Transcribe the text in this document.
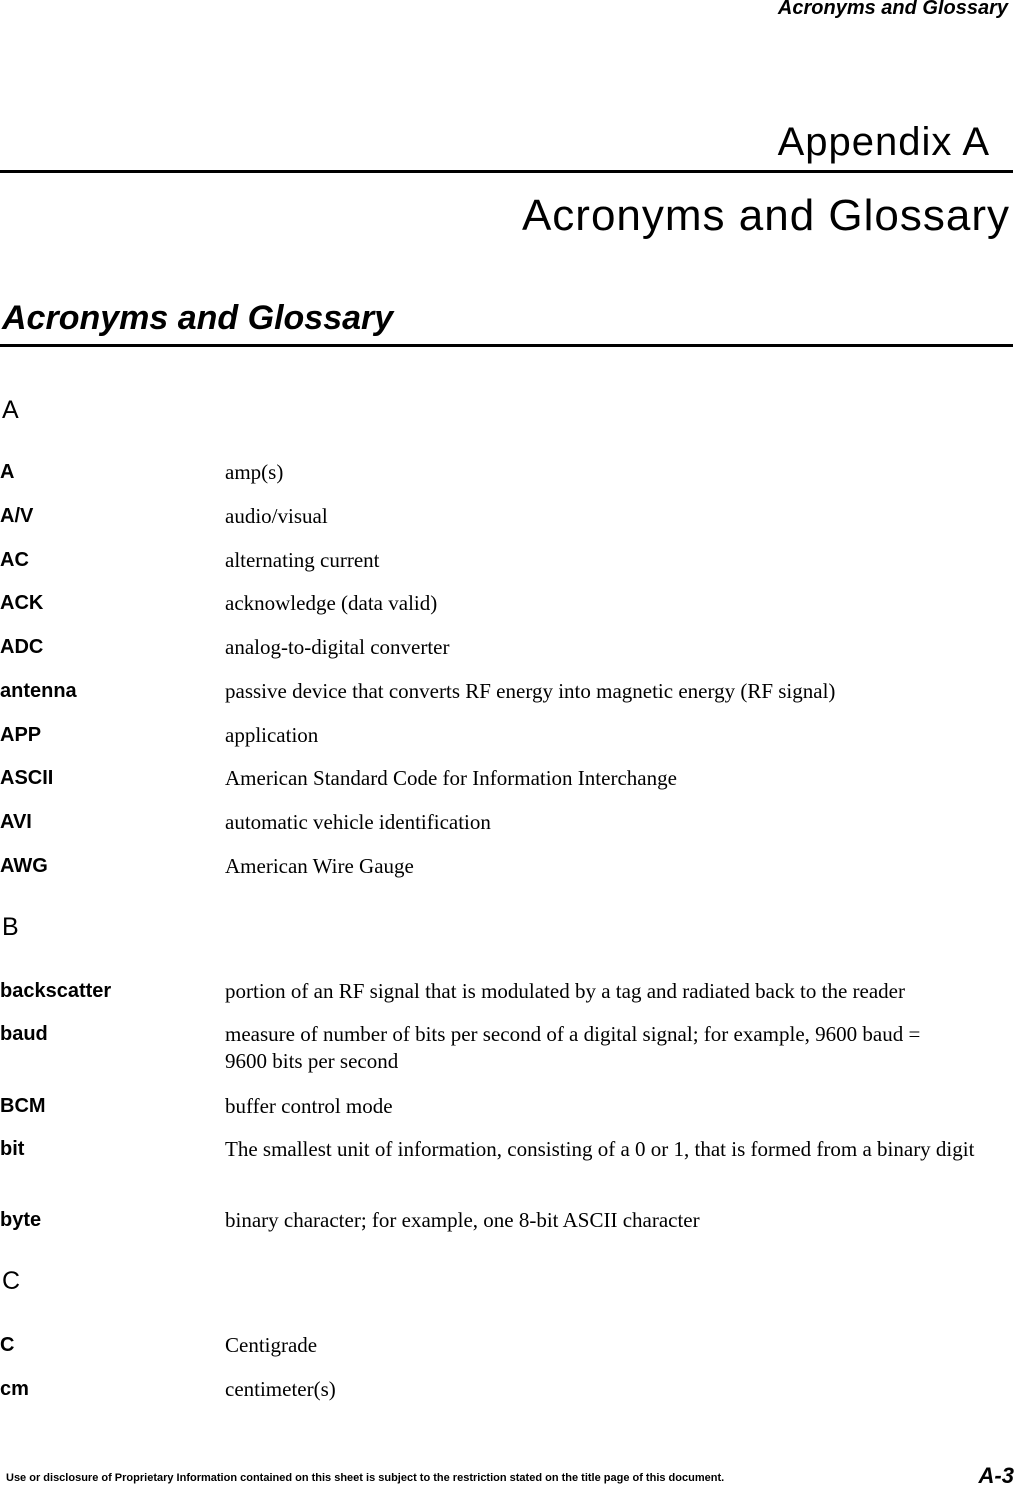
Acronyms and Glossary
Appendix A
Acronyms and Glossary
Acronyms and Glossary
A
A	amp(s)
A/V	audio/visual
AC	alternating current
ACK	acknowledge (data valid)
ADC	analog-to-digital converter
antenna	passive device that converts RF energy into magnetic energy (RF signal)
APP	application
ASCII	American Standard Code for Information Interchange
AVI	automatic vehicle identification
AWG	American Wire Gauge
B
backscatter	portion of an RF signal that is modulated by a tag and radiated back to the reader
baud	measure of number of bits per second of a digital signal; for example, 9600 baud = 9600 bits per second
BCM	buffer control mode
bit	The smallest unit of information, consisting of a 0 or 1, that is formed from a binary digit
byte	binary character; for example, one 8-bit ASCII character
C
C	Centigrade
cm	centimeter(s)
Use or disclosure of Proprietary Information contained on this sheet is subject to the restriction stated on the title page of this document.	A-3
